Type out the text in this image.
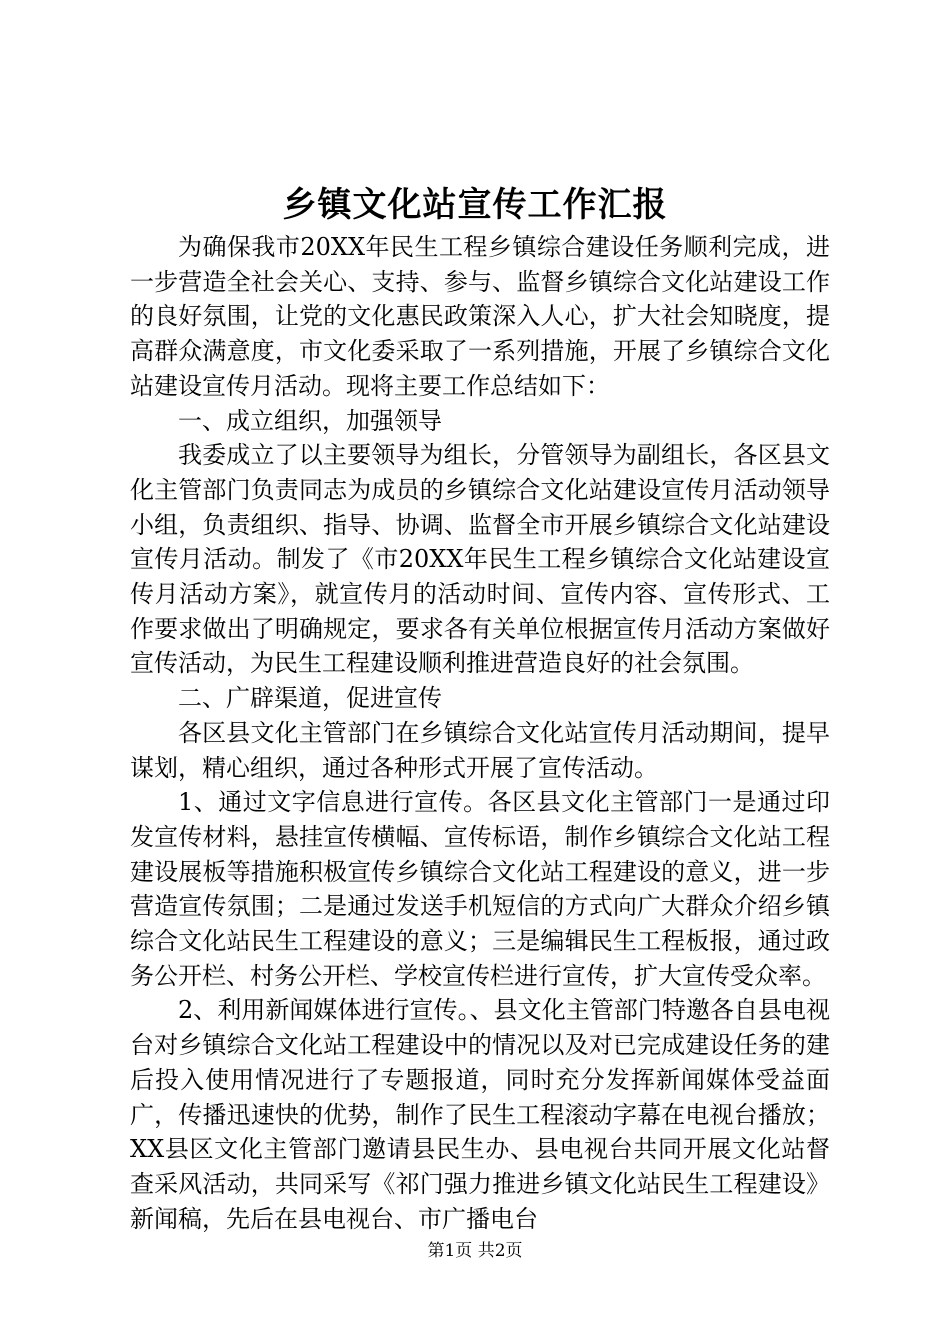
乡镇文化站宣传工作汇报

为确保我市20XX年民生工程乡镇综合建设任务顺利完成，进一步营造全社会关心、支持、参与、监督乡镇综合文化站建设工作的良好氛围，让党的文化惠民政策深入人心，扩大社会知晓度，提高群众满意度，市文化委采取了一系列措施，开展了乡镇综合文化站建设宣传月活动。现将主要工作总结如下：

一、成立组织，加强领导

我委成立了以主要领导为组长，分管领导为副组长，各区县文化主管部门负责同志为成员的乡镇综合文化站建设宣传月活动领导小组，负责组织、指导、协调、监督全市开展乡镇综合文化站建设宣传月活动。制发了《市20XX年民生工程乡镇综合文化站建设宣传月活动方案》，就宣传月的活动时间、宣传内容、宣传形式、工作要求做出了明确规定，要求各有关单位根据宣传月活动方案做好宣传活动，为民生工程建设顺利推进营造良好的社会氛围。

二、广辟渠道，促进宣传

各区县文化主管部门在乡镇综合文化站宣传月活动期间，提早谋划，精心组织，通过各种形式开展了宣传活动。

1、通过文字信息进行宣传。各区县文化主管部门一是通过印发宣传材料，悬挂宣传横幅、宣传标语，制作乡镇综合文化站工程建设展板等措施积极宣传乡镇综合文化站工程建设的意义，进一步营造宣传氛围；二是通过发送手机短信的方式向广大群众介绍乡镇综合文化站民生工程建设的意义；三是编辑民生工程板报，通过政务公开栏、村务公开栏、学校宣传栏进行宣传，扩大宣传受众率。

2、利用新闻媒体进行宣传。、县文化主管部门特邀各自县电视台对乡镇综合文化站工程建设中的情况以及对已完成建设任务的建后投入使用情况进行了专题报道，同时充分发挥新闻媒体受益面广，传播迅速快的优势，制作了民生工程滚动字幕在电视台播放；XX县区文化主管部门邀请县民生办、县电视台共同开展文化站督查采风活动，共同采写《祁门强力推进乡镇文化站民生工程建设》新闻稿，先后在县电视台、市广播电台

第1页 共2页
